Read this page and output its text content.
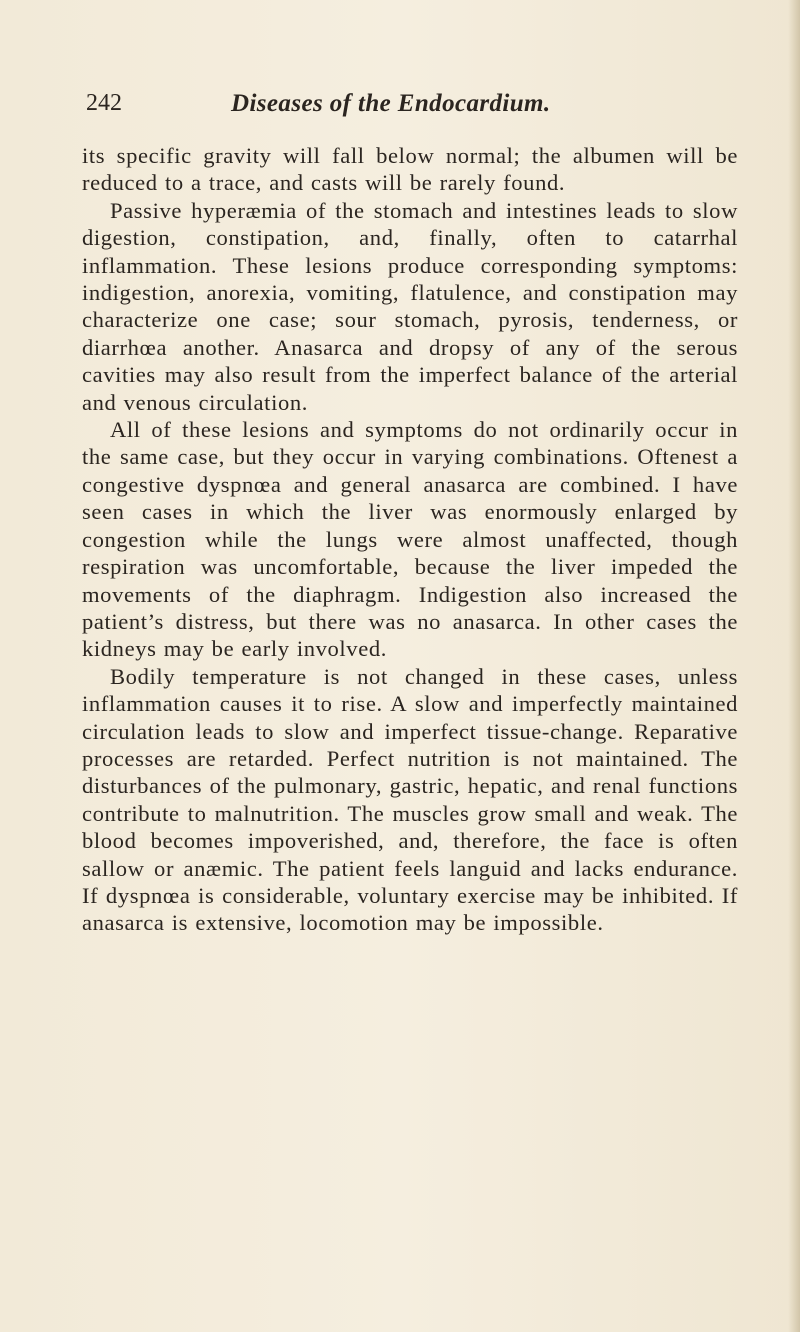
242	Diseases of the Endocardium.

its specific gravity will fall below normal; the albumen will be reduced to a trace, and casts will be rarely found.

Passive hyperæmia of the stomach and intestines leads to slow digestion, constipation, and, finally, often to catarrhal inflammation. These lesions produce corresponding symptoms: indigestion, anorexia, vomiting, flatulence, and constipation may characterize one case; sour stomach, pyrosis, tenderness, or diarrhœa another. Anasarca and dropsy of any of the serous cavities may also result from the imperfect balance of the arterial and venous circulation.

All of these lesions and symptoms do not ordinarily occur in the same case, but they occur in varying combinations. Oftenest a congestive dyspnœa and general anasarca are combined. I have seen cases in which the liver was enormously enlarged by congestion while the lungs were almost unaffected, though respiration was uncomfortable, because the liver impeded the movements of the diaphragm. Indigestion also increased the patient’s distress, but there was no anasarca. In other cases the kidneys may be early involved.

Bodily temperature is not changed in these cases, unless inflammation causes it to rise. A slow and imperfectly maintained circulation leads to slow and imperfect tissue-change. Reparative processes are retarded. Perfect nutrition is not maintained. The disturbances of the pulmonary, gastric, hepatic, and renal functions contribute to malnutrition. The muscles grow small and weak. The blood becomes impoverished, and, therefore, the face is often sallow or anæmic. The patient feels languid and lacks endurance. If dyspnœa is considerable, voluntary exercise may be inhibited. If anasarca is extensive, locomotion may be impossible.
